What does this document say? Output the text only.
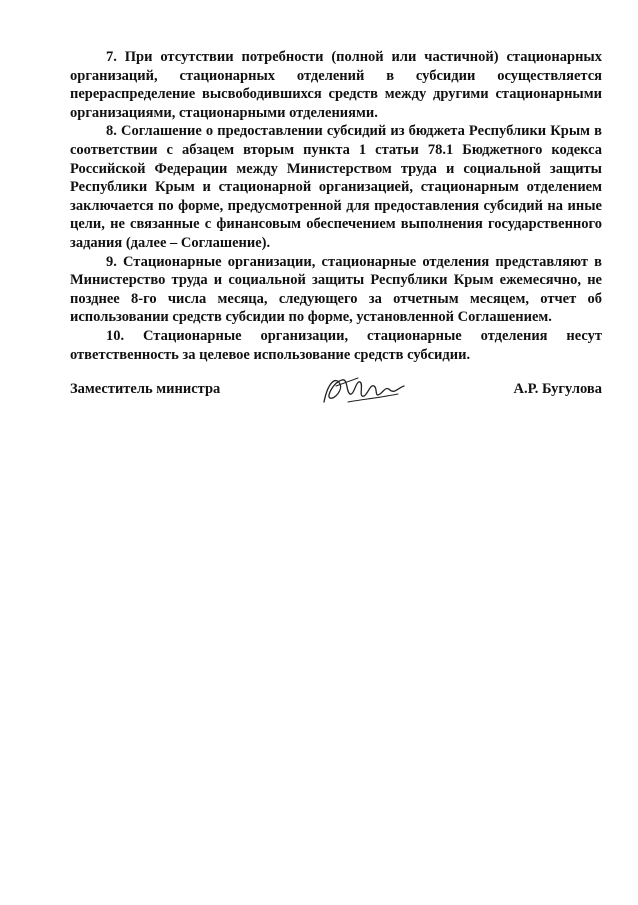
7. При отсутствии потребности (полной или частичной) стационарных организаций, стационарных отделений в субсидии осуществляется перераспределение высвободившихся средств между другими стационарными организациями, стационарными отделениями.

8. Соглашение о предоставлении субсидий из бюджета Республики Крым в соответствии с абзацем вторым пункта 1 статьи 78.1 Бюджетного кодекса Российской Федерации между Министерством труда и социальной защиты Республики Крым и стационарной организацией, стационарным отделением заключается по форме, предусмотренной для предоставления субсидий на иные цели, не связанные с финансовым обеспечением выполнения государственного задания (далее – Соглашение).

9. Стационарные организации, стационарные отделения представляют в Министерство труда и социальной защиты Республики Крым ежемесячно, не позднее 8-го числа месяца, следующего за отчетным месяцем, отчет об использовании средств субсидии по форме, установленной Соглашением.

10. Стационарные организации, стационарные отделения несут ответственность за целевое использование средств субсидии.

Заместитель министра	А.Р. Бугулова
